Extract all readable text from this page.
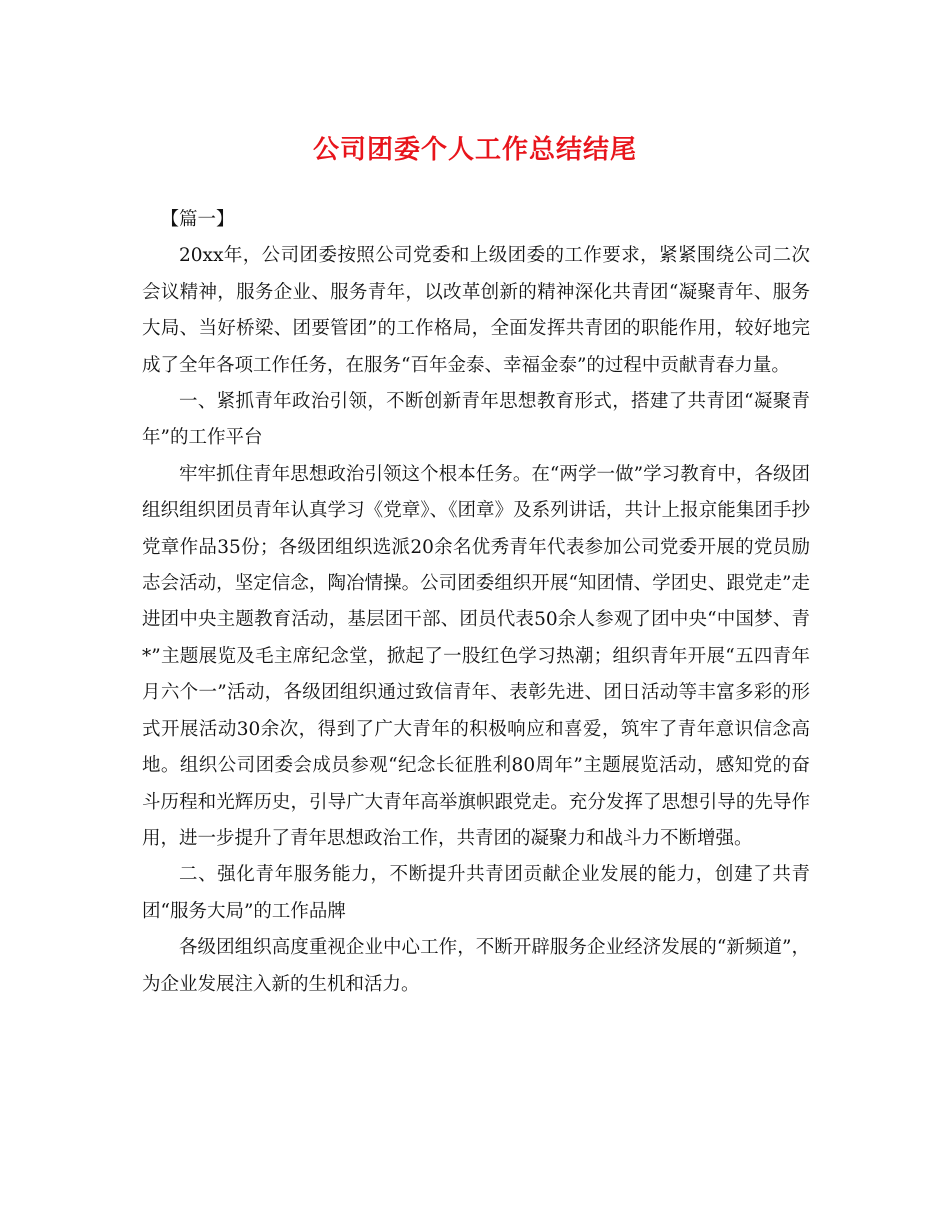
公司团委个人工作总结结尾

【篇一】

20xx年，公司团委按照公司党委和上级团委的工作要求，紧紧围绕公司二次会议精神，服务企业、服务青年，以改革创新的精神深化共青团“凝聚青年、服务大局、当好桥梁、团要管团”的工作格局，全面发挥共青团的职能作用，较好地完成了全年各项工作任务，在服务“百年金泰、幸福金泰”的过程中贡献青春力量。

一、紧抓青年政治引领，不断创新青年思想教育形式，搭建了共青团“凝聚青年”的工作平台

牢牢抓住青年思想政治引领这个根本任务。在“两学一做”学习教育中，各级团组织组织团员青年认真学习《党章》、《团章》及系列讲话，共计上报京能集团手抄党章作品35份；各级团组织选派20余名优秀青年代表参加公司党委开展的党员励志会活动，坚定信念，陶冶情操。公司团委组织开展“知团情、学团史、跟党走”走进团中央主题教育活动，基层团干部、团员代表50余人参观了团中央“中国梦、青*”主题展览及毛主席纪念堂，掀起了一股红色学习热潮；组织青年开展“五四青年月六个一”活动，各级团组织通过致信青年、表彰先进、团日活动等丰富多彩的形式开展活动30余次，得到了广大青年的积极响应和喜爱，筑牢了青年意识信念高地。组织公司团委会成员参观“纪念长征胜利80周年”主题展览活动，感知党的奋斗历程和光辉历史，引导广大青年高举旗帜跟党走。充分发挥了思想引导的先导作用，进一步提升了青年思想政治工作，共青团的凝聚力和战斗力不断增强。

二、强化青年服务能力，不断提升共青团贡献企业发展的能力，创建了共青团“服务大局”的工作品牌

各级团组织高度重视企业中心工作，不断开辟服务企业经济发展的“新频道”，为企业发展注入新的生机和活力。
